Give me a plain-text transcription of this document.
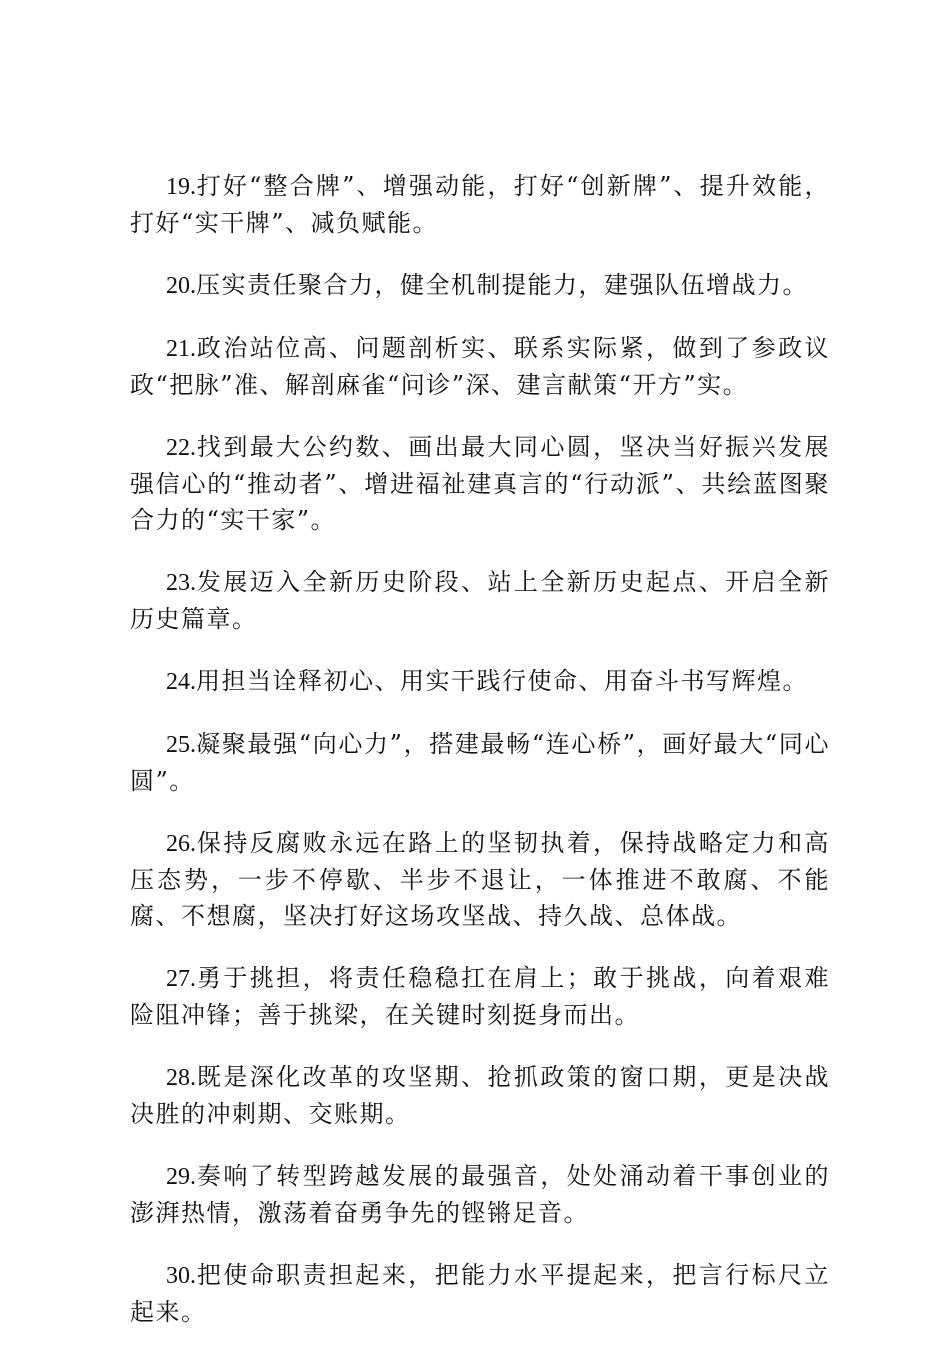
19.打好“整合牌”、增强动能，打好“创新牌”、提升效能，打好“实干牌”、减负赋能。

20.压实责任聚合力，健全机制提能力，建强队伍增战力。

21.政治站位高、问题剖析实、联系实际紧，做到了参政议政“把脉”准、解剖麻雀“问诊”深、建言献策“开方”实。

22.找到最大公约数、画出最大同心圆，坚决当好振兴发展强信心的“推动者”、增进福祉建真言的“行动派”、共绘蓝图聚合力的“实干家”。

23.发展迈入全新历史阶段、站上全新历史起点、开启全新历史篇章。

24.用担当诠释初心、用实干践行使命、用奋斗书写辉煌。

25.凝聚最强“向心力”，搭建最畅“连心桥”，画好最大“同心圆”。

26.保持反腐败永远在路上的坚韧执着，保持战略定力和高压态势，一步不停歇、半步不退让，一体推进不敢腐、不能腐、不想腐，坚决打好这场攻坚战、持久战、总体战。

27.勇于挑担，将责任稳稳扛在肩上；敢于挑战，向着艰难险阻冲锋；善于挑梁，在关键时刻挺身而出。

28.既是深化改革的攻坚期、抢抓政策的窗口期，更是决战决胜的冲刺期、交账期。

29.奏响了转型跨越发展的最强音，处处涌动着干事创业的澎湃热情，激荡着奋勇争先的铿锵足音。

30.把使命职责担起来，把能力水平提起来，把言行标尺立起来。
